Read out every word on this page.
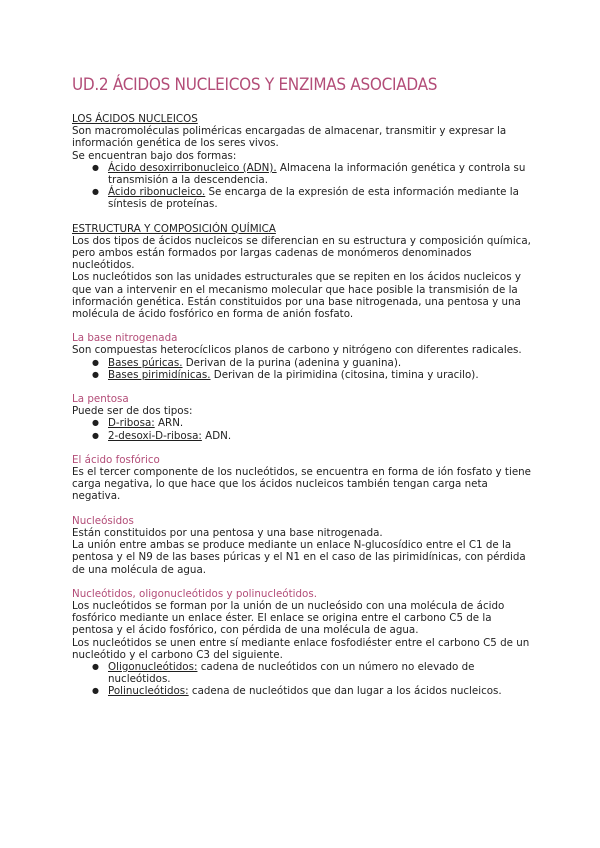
UD.2 ÁCIDOS NUCLEICOS Y ENZIMAS ASOCIADAS

LOS ÁCIDOS NUCLEICOS

Son macromoléculas poliméricas encargadas de almacenar, transmitir y expresar la información genética de los seres vivos.

Se encuentran bajo dos formas:

● Ácido desoxirribonucleico (ADN). Almacena la información genética y controla su transmisión a la descendencia.
● Ácido ribonucleico. Se encarga de la expresión de esta información mediante la síntesis de proteínas.

ESTRUCTURA Y COMPOSICIÓN QUÍMICA

Los dos tipos de ácidos nucleicos se diferencian en su estructura y composición química, pero ambos están formados por largas cadenas de monómeros denominados nucleótidos.

Los nucleótidos son las unidades estructurales que se repiten en los ácidos nucleicos y que van a intervenir en el mecanismo molecular que hace posible la transmisión de la información genética. Están constituidos por una base nitrogenada, una pentosa y una molécula de ácido fosfórico en forma de anión fosfato.

La base nitrogenada

Son compuestas heterocíclicos planos de carbono y nitrógeno con diferentes radicales.

● Bases púricas. Derivan de la purina (adenina y guanina).
● Bases pirimidínicas. Derivan de la pirimidina (citosina, timina y uracilo).

La pentosa

Puede ser de dos tipos:

● D-ribosa: ARN.
● 2-desoxi-D-ribosa: ADN.

El ácido fosfórico

Es el tercer componente de los nucleótidos, se encuentra en forma de ión fosfato y tiene carga negativa, lo que hace que los ácidos nucleicos también tengan carga neta negativa.

Nucleósidos

Están constituidos por una pentosa y una base nitrogenada.

La unión entre ambas se produce mediante un enlace N-glucosídico entre el C1 de la pentosa y el N9 de las bases púricas y el N1 en el caso de las pirimidínicas, con pérdida de una molécula de agua.

Nucleótidos, oligonucleótidos y polinucleótidos.

Los nucleótidos se forman por la unión de un nucleósido con una molécula de ácido fosfórico mediante un enlace éster. El enlace se origina entre el carbono C5 de la pentosa y el ácido fosfórico, con pérdida de una molécula de agua.

Los nucleótidos se unen entre sí mediante enlace fosfodiéster entre el carbono C5 de un nucleótido y el carbono C3 del siguiente.

● Oligonucleótidos: cadena de nucleótidos con un número no elevado de nucleótidos.
● Polinucleótidos: cadena de nucleótidos que dan lugar a los ácidos nucleicos.
